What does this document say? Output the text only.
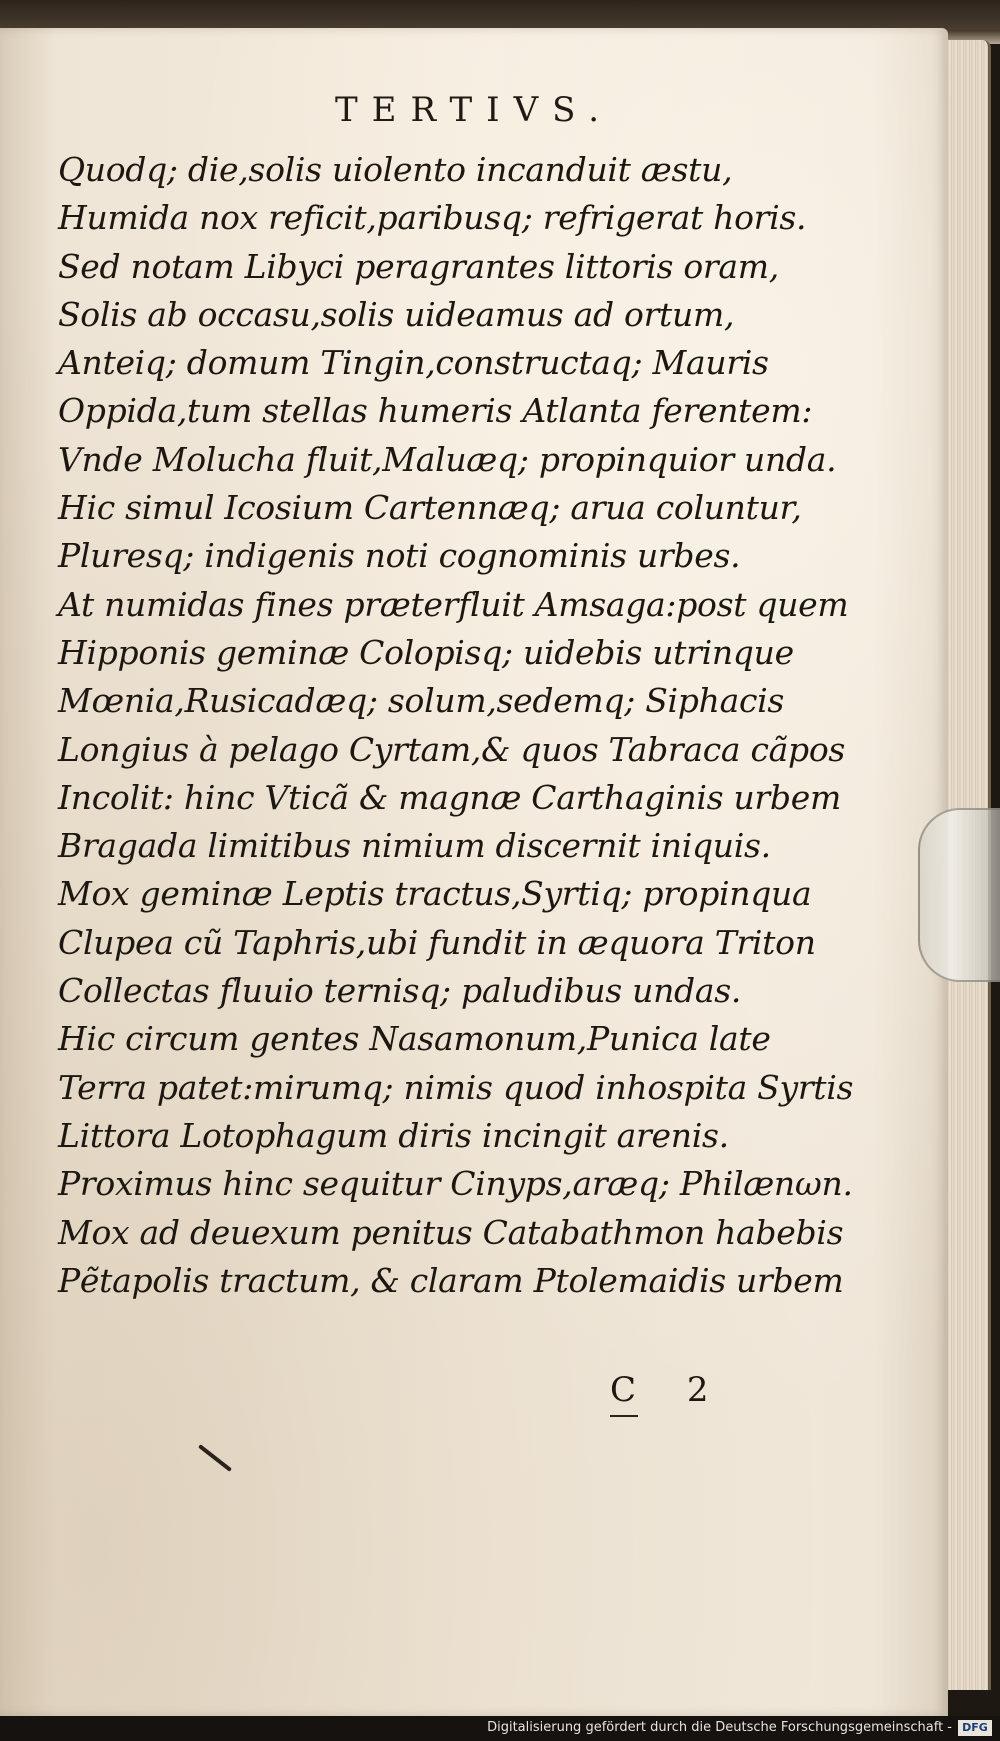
TERTIVS.
Quodq; die,solis uiolento incanduit æstu,
Humida nox reficit,paribusq; refrigerat horis.
Sed notam Libyci peragrantes littoris oram,
Solis ab occasu,solis uideamus ad ortum,
Anteiq; domum Tingin,constructaq; Mauris
Oppida,tum stellas humeris Atlanta ferentem:
Vnde Molucha fluit,Maluæq; propinquior unda.
Hic simul Icosium Cartennæq; arua coluntur,
Pluresq; indigenis noti cognominis urbes.
At numidas fines præterfluit Amsaga:post quem
Hipponis geminæ Colopisq; uidebis utrinque
Mœnia,Rusicadæq; solum,sedemq; Siphacis
Longius à pelago Cyrtam,& quos Tabraca cãpos
Incolit: hinc Vticã & magnæ Carthaginis urbem
Bragada limitibus nimium discernit iniquis.
Mox geminæ Leptis tractus,Syrtiq; propinqua
Clupea cũ Taphris,ubi fundit in æquora Triton
Collectas fluuio ternisq; paludibus undas.
Hic circum gentes Nasamonum,Punica late
Terra patet:mirumq; nimis quod inhospita Syrtis
Littora Lotophagum diris incingit arenis.
Proximus hinc sequitur Cinyps,aræq; Philænωn.
Mox ad deuexum penitus Catabathmon habebis
Pẽtapolis tractum, & claram Ptolemaidis urbem
C 2
Digitalisierung gefördert durch die Deutsche Forschungsgemeinschaft - DFG
